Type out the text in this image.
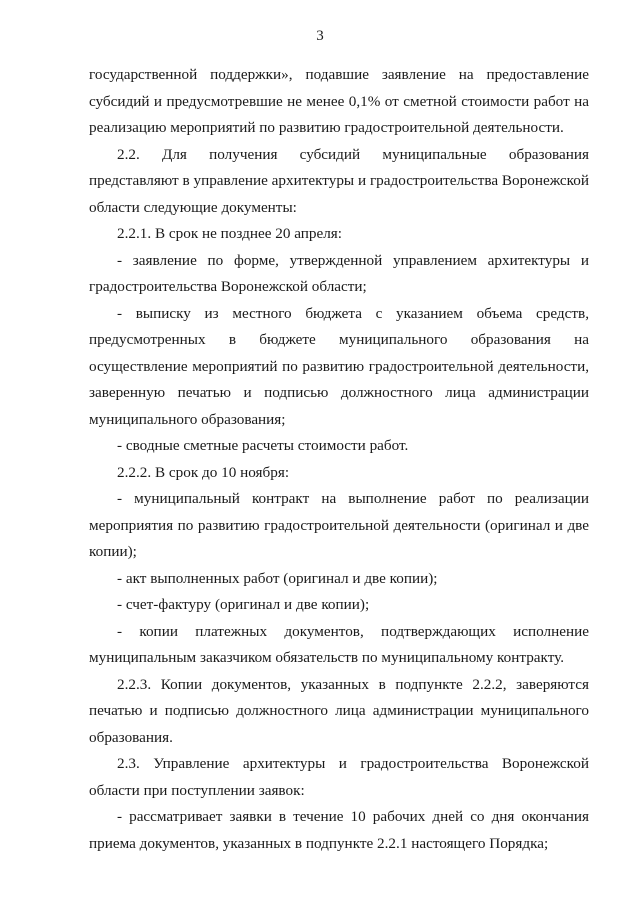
3

государственной поддержки», подавшие заявление на предоставление субсидий и предусмотревшие не менее 0,1% от сметной стоимости работ на реализацию мероприятий по развитию градостроительной деятельности.

2.2. Для получения субсидий муниципальные образования представляют в управление архитектуры и градостроительства Воронежской области следующие документы:

2.2.1. В срок не позднее 20 апреля:

- заявление по форме, утвержденной управлением архитектуры и градостроительства Воронежской области;

- выписку из местного бюджета с указанием объема средств, предусмотренных в бюджете муниципального образования на осуществление мероприятий по развитию градостроительной деятельности, заверенную печатью и подписью должностного лица администрации муниципального образования;

- сводные сметные расчеты стоимости работ.

2.2.2. В срок до 10 ноября:

- муниципальный контракт на выполнение работ по реализации мероприятия по развитию градостроительной деятельности (оригинал и две копии);

- акт выполненных работ (оригинал и две копии);

- счет-фактуру (оригинал и две копии);

- копии платежных документов, подтверждающих исполнение муниципальным заказчиком обязательств по муниципальному контракту.

2.2.3. Копии документов, указанных в подпункте 2.2.2, заверяются печатью и подписью должностного лица администрации муниципального образования.

2.3. Управление архитектуры и градостроительства Воронежской области при поступлении заявок:

- рассматривает заявки в течение 10 рабочих дней со дня окончания приема документов, указанных в подпункте 2.2.1 настоящего Порядка;
